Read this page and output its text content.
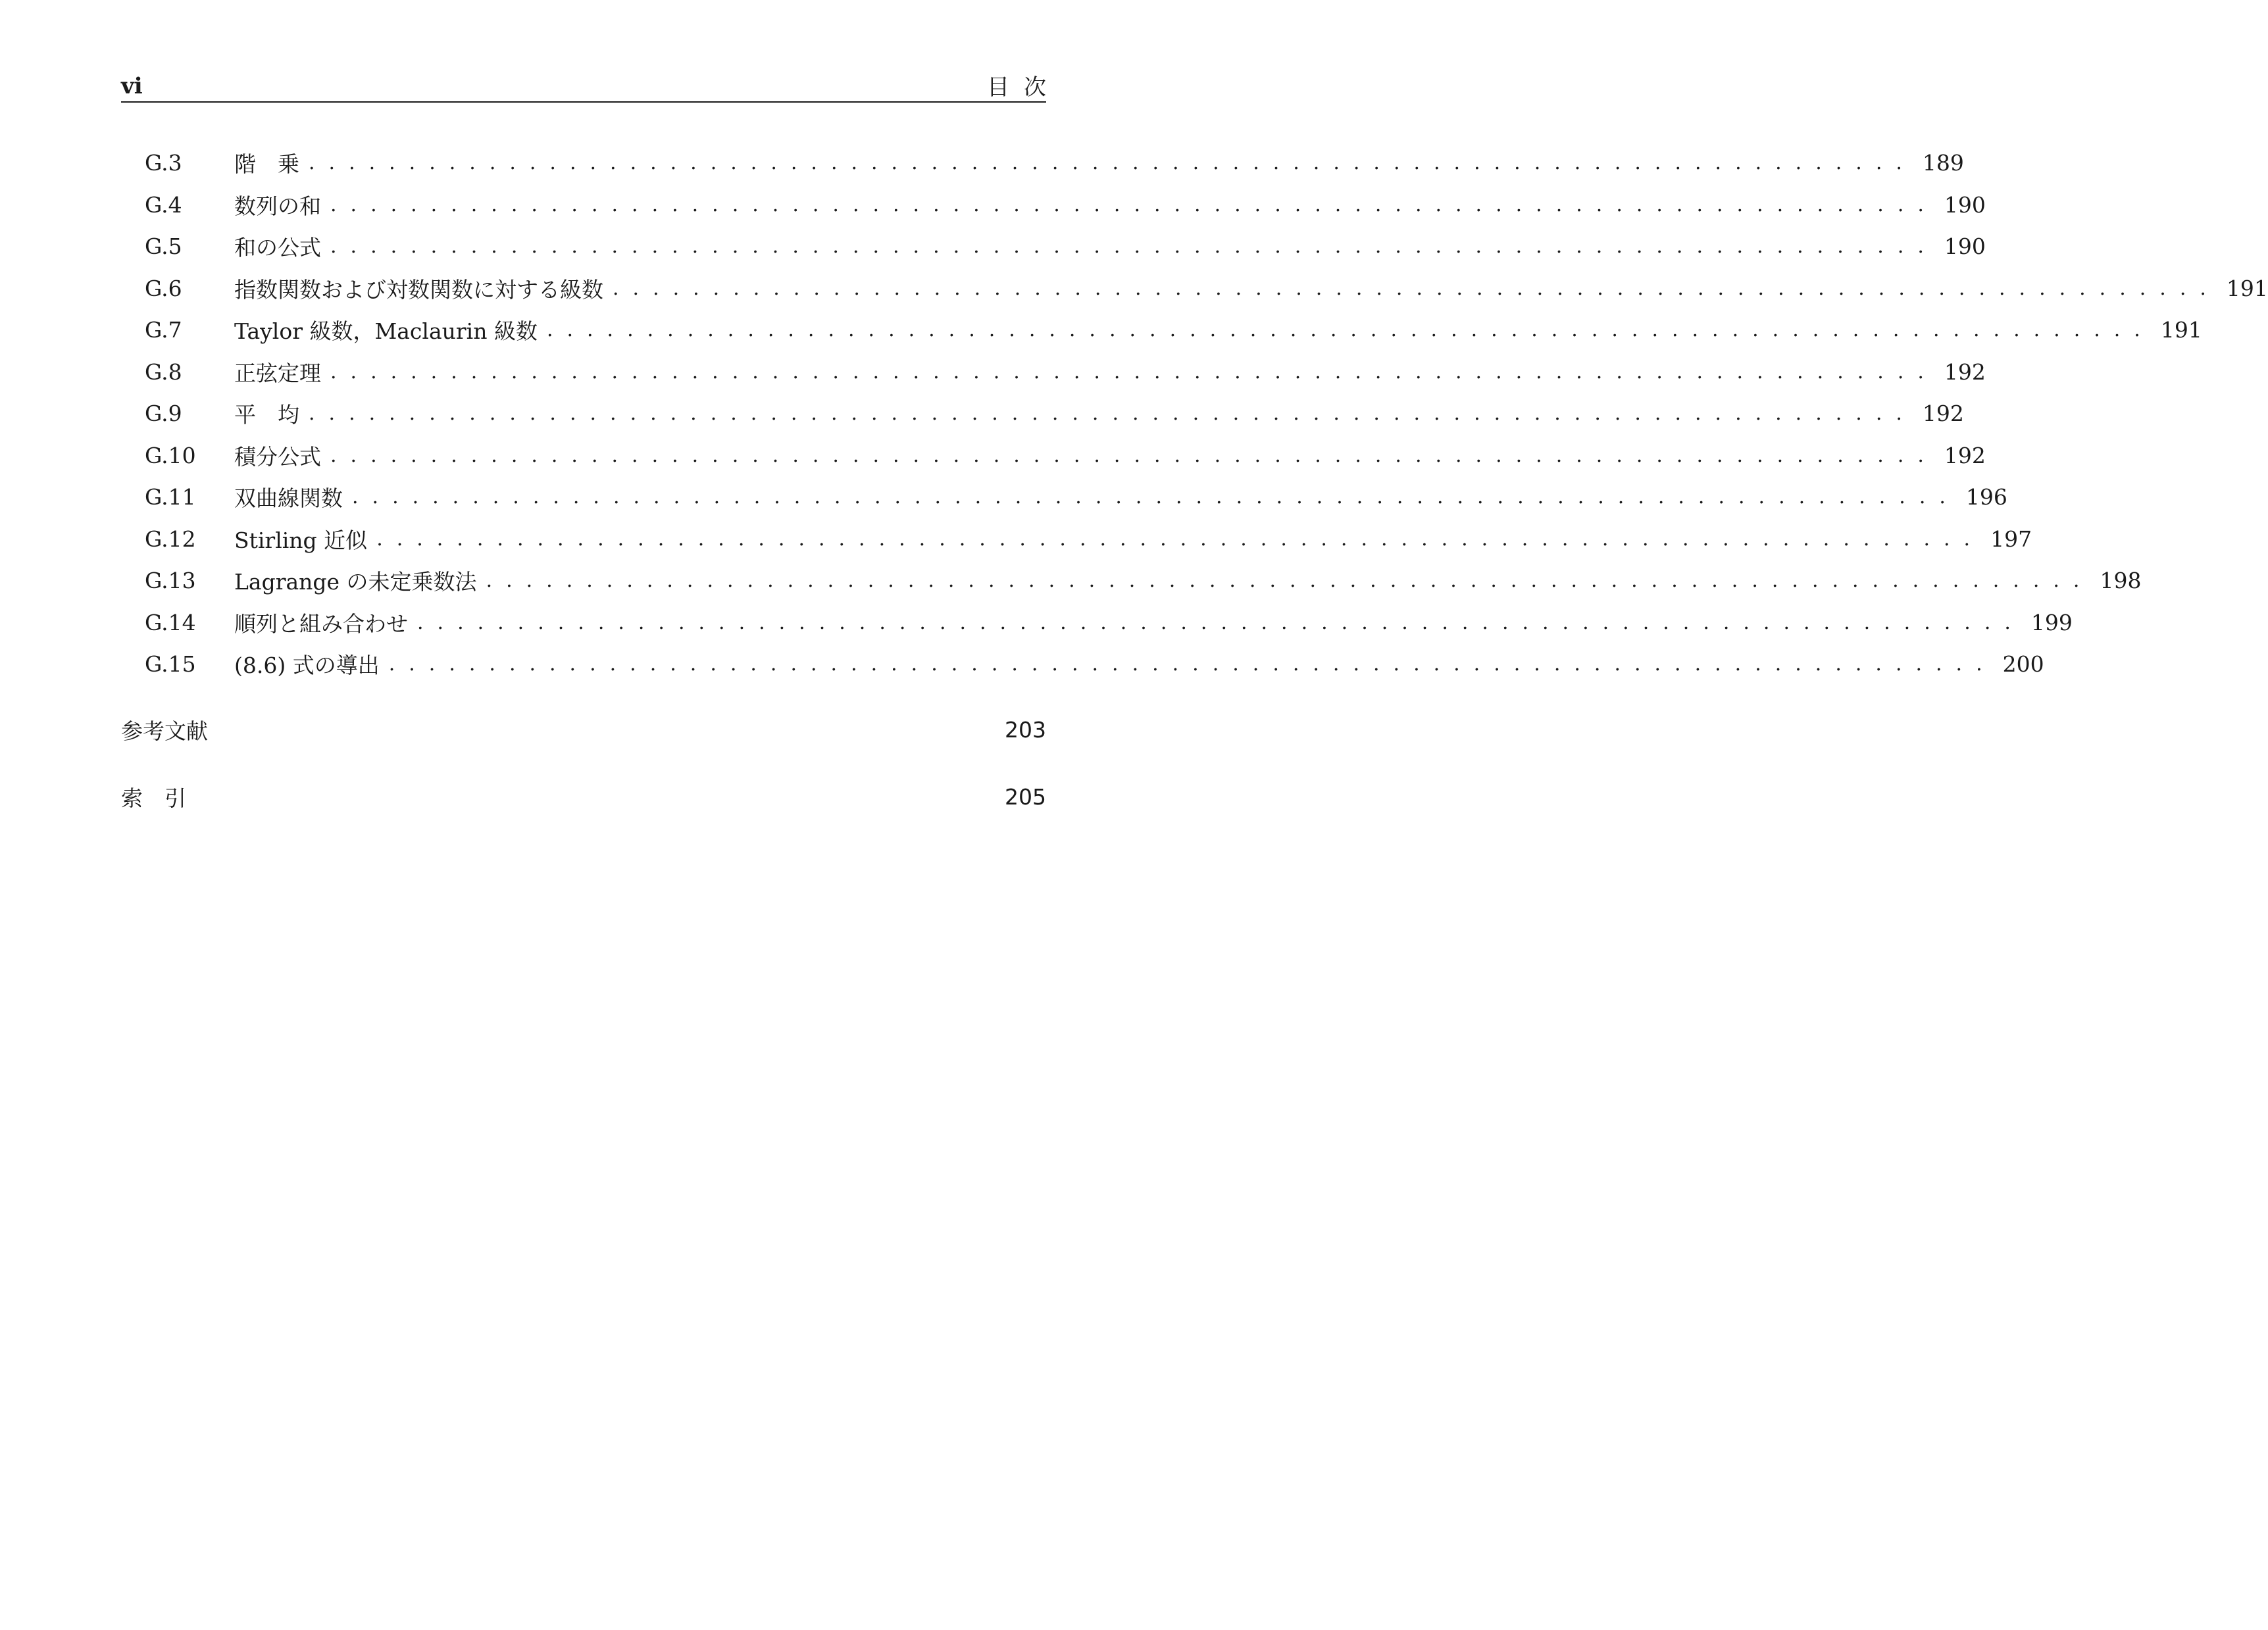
vi	目次
G.3	階　乗 ................................................................................ 189
G.4	数列の和 ................................................................................ 190
G.5	和の公式 ................................................................................ 190
G.6	指数関数および対数関数に対する級数 ................................................................................ 191
G.7	Taylor 級数，Maclaurin 級数 ................................................................................ 191
G.8	正弦定理 ................................................................................ 192
G.9	平　均 ................................................................................ 192
G.10	積分公式 ................................................................................ 192
G.11	双曲線関数 ................................................................................ 196
G.12	Stirling 近似 ................................................................................ 197
G.13	Lagrange の未定乗数法 ................................................................................ 198
G.14	順列と組み合わせ ................................................................................ 199
G.15	(8.6) 式の導出 ................................................................................ 200
参考文献	203
索　引	205
